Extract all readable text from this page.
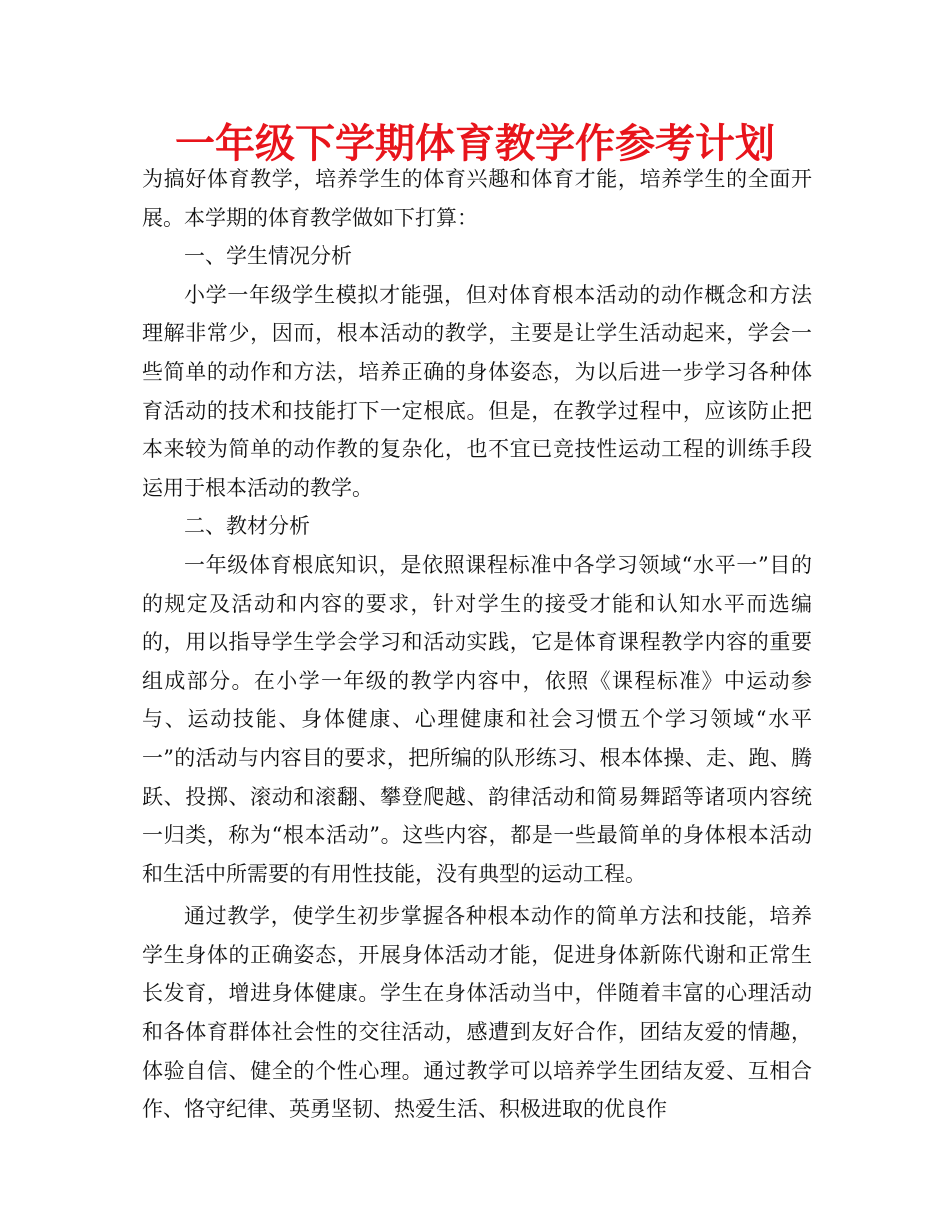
一年级下学期体育教学作参考计划

为搞好体育教学，培养学生的体育兴趣和体育才能，培养学生的全面开展。本学期的体育教学做如下打算：

一、学生情况分析

小学一年级学生模拟才能强，但对体育根本活动的动作概念和方法理解非常少，因而，根本活动的教学，主要是让学生活动起来，学会一些简单的动作和方法，培养正确的身体姿态，为以后进一步学习各种体育活动的技术和技能打下一定根底。但是，在教学过程中，应该防止把本来较为简单的动作教的复杂化，也不宜已竞技性运动工程的训练手段运用于根本活动的教学。

二、教材分析

一年级体育根底知识，是依照课程标准中各学习领域“水平一”目的的规定及活动和内容的要求，针对学生的接受才能和认知水平而选编的，用以指导学生学会学习和活动实践，它是体育课程教学内容的重要组成部分。在小学一年级的教学内容中，依照《课程标准》中运动参与、运动技能、身体健康、心理健康和社会习惯五个学习领域“水平一”的活动与内容目的要求，把所编的队形练习、根本体操、走、跑、腾跃、投掷、滚动和滚翻、攀登爬越、韵律活动和简易舞蹈等诸项内容统一归类，称为“根本活动”。这些内容，都是一些最简单的身体根本活动和生活中所需要的有用性技能，没有典型的运动工程。

通过教学，使学生初步掌握各种根本动作的简单方法和技能，培养学生身体的正确姿态，开展身体活动才能，促进身体新陈代谢和正常生长发育，增进身体健康。学生在身体活动当中，伴随着丰富的心理活动和各体育群体社会性的交往活动，感遭到友好合作，团结友爱的情趣，体验自信、健全的个性心理。通过教学可以培养学生团结友爱、互相合作、恪守纪律、英勇坚韧、热爱生活、积极进取的优良作
